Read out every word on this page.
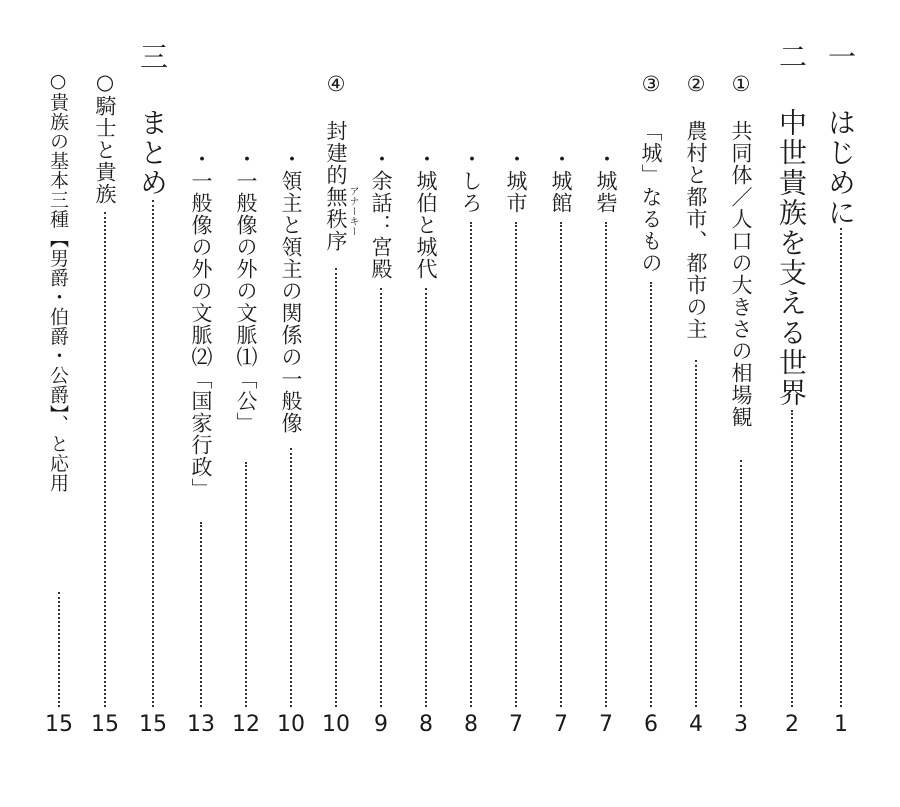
一
はじめに
1
二
中世貴族を支える世界
2
①
共同体／人口の大きさの相場観
3
②
農村と都市、都市の主
4
③
「城」なるもの
6
・城砦
7
・城館
7
・城市
7
・しろ
8
・城伯と城代
8
・余話：宮殿
9
④
封建的無秩序 アナーキー
10
・領主と領主の関係の一般像
10
・一般像の外の文脈⑴「公」
12
・一般像の外の文脈⑵「国家行政」
13
三
まとめ
15
○騎士と貴族
15
○貴族の基本三種【男爵・伯爵・公爵】、と応用
15
